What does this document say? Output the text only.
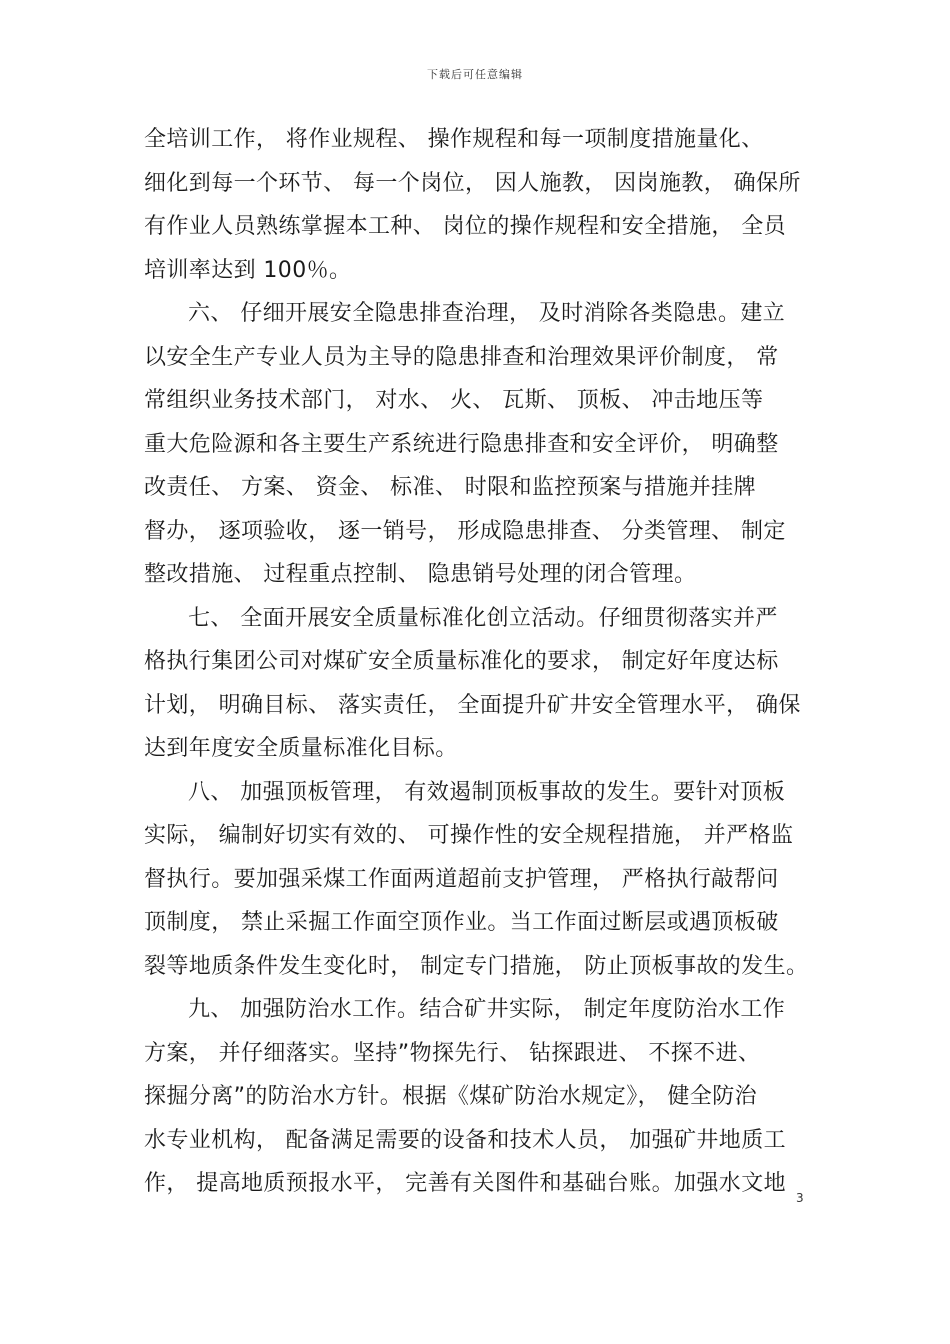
下载后可任意编辑
全培训工作， 将作业规程、 操作规程和每一项制度措施量化、
细化到每一个环节、 每一个岗位， 因人施教， 因岗施教， 确保所
有作业人员熟练掌握本工种、 岗位的操作规程和安全措施， 全员
培训率达到 100％。
六、 仔细开展安全隐患排查治理， 及时消除各类隐患。建立
以安全生产专业人员为主导的隐患排查和治理效果评价制度， 常
常组织业务技术部门， 对水、 火、 瓦斯、 顶板、 冲击地压等
重大危险源和各主要生产系统进行隐患排查和安全评价， 明确整
改责任、 方案、 资金、 标准、 时限和监控预案与措施并挂牌
督办， 逐项验收， 逐一销号， 形成隐患排查、 分类管理、 制定
整改措施、 过程重点控制、 隐患销号处理的闭合管理。
七、 全面开展安全质量标准化创立活动。仔细贯彻落实并严
格执行集团公司对煤矿安全质量标准化的要求， 制定好年度达标
计划， 明确目标、 落实责任， 全面提升矿井安全管理水平， 确保
达到年度安全质量标准化目标。
八、 加强顶板管理， 有效遏制顶板事故的发生。要针对顶板
实际， 编制好切实有效的、 可操作性的安全规程措施， 并严格监
督执行。要加强采煤工作面两道超前支护管理， 严格执行敲帮问
顶制度， 禁止采掘工作面空顶作业。当工作面过断层或遇顶板破
裂等地质条件发生变化时， 制定专门措施， 防止顶板事故的发生。
九、 加强防治水工作。结合矿井实际， 制定年度防治水工作
方案， 并仔细落实。坚持”物探先行、 钻探跟进、 不探不进、
探掘分离”的防治水方针。根据《煤矿防治水规定》， 健全防治
水专业机构， 配备满足需要的设备和技术人员， 加强矿井地质工
作， 提高地质预报水平， 完善有关图件和基础台账。加强水文地
3
